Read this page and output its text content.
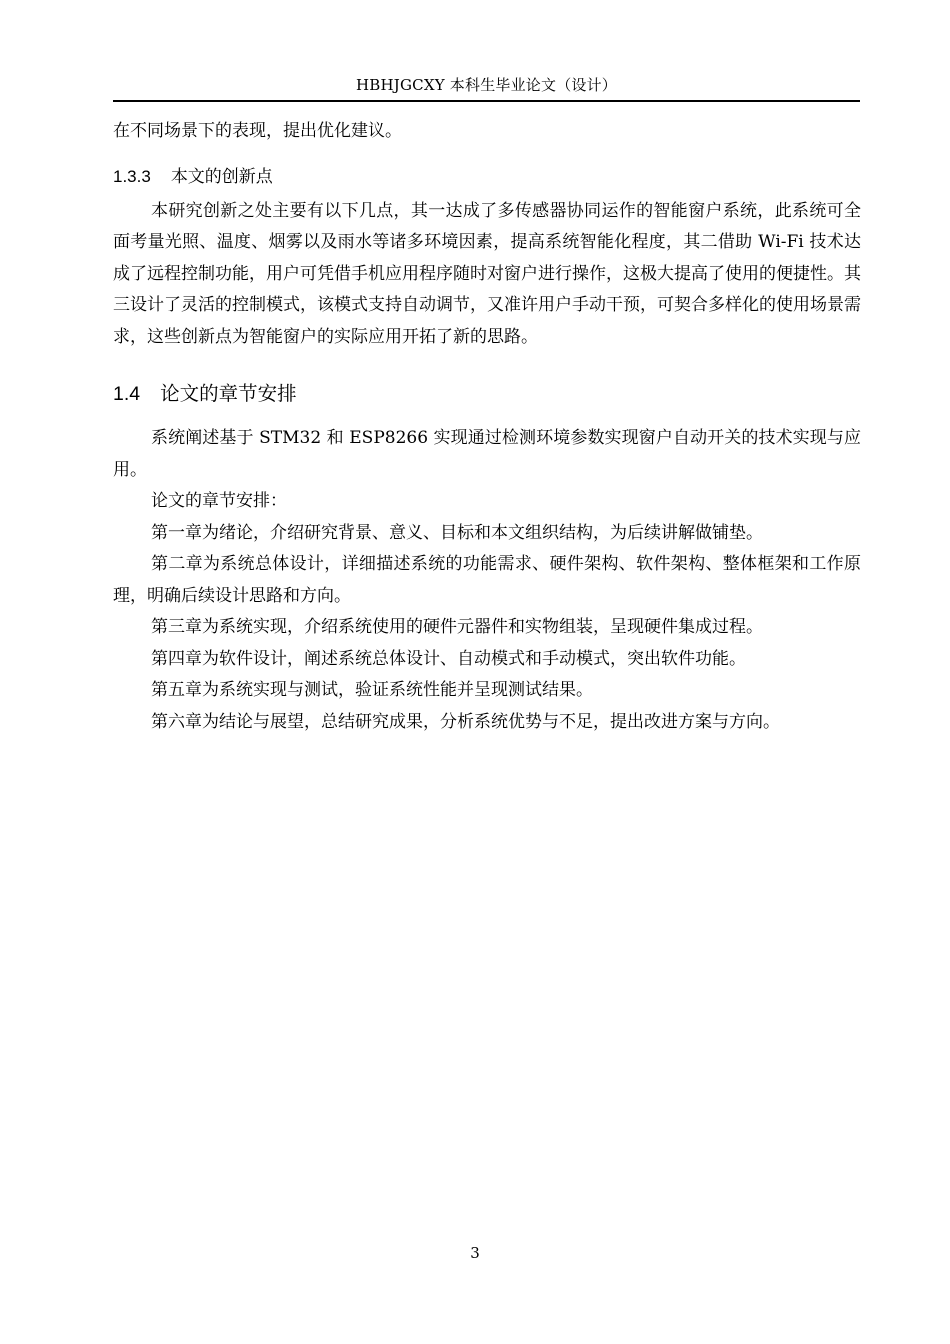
HBHJGCXY 本科生毕业论文（设计）

在不同场景下的表现，提出优化建议。

1.3.3 本文的创新点

本研究创新之处主要有以下几点，其一达成了多传感器协同运作的智能窗户系统，此系统可全面考量光照、温度、烟雾以及雨水等诸多环境因素，提高系统智能化程度，其二借助 Wi-Fi 技术达成了远程控制功能，用户可凭借手机应用程序随时对窗户进行操作，这极大提高了使用的便捷性。其三设计了灵活的控制模式，该模式支持自动调节，又准许用户手动干预，可契合多样化的使用场景需求，这些创新点为智能窗户的实际应用开拓了新的思路。

1.4 论文的章节安排

系统阐述基于 STM32 和 ESP8266 实现通过检测环境参数实现窗户自动开关的技术实现与应用。

论文的章节安排：

第一章为绪论，介绍研究背景、意义、目标和本文组织结构，为后续讲解做铺垫。

第二章为系统总体设计，详细描述系统的功能需求、硬件架构、软件架构、整体框架和工作原理，明确后续设计思路和方向。

第三章为系统实现，介绍系统使用的硬件元器件和实物组装，呈现硬件集成过程。

第四章为软件设计，阐述系统总体设计、自动模式和手动模式，突出软件功能。

第五章为系统实现与测试，验证系统性能并呈现测试结果。

第六章为结论与展望，总结研究成果，分析系统优势与不足，提出改进方案与方向。

3
